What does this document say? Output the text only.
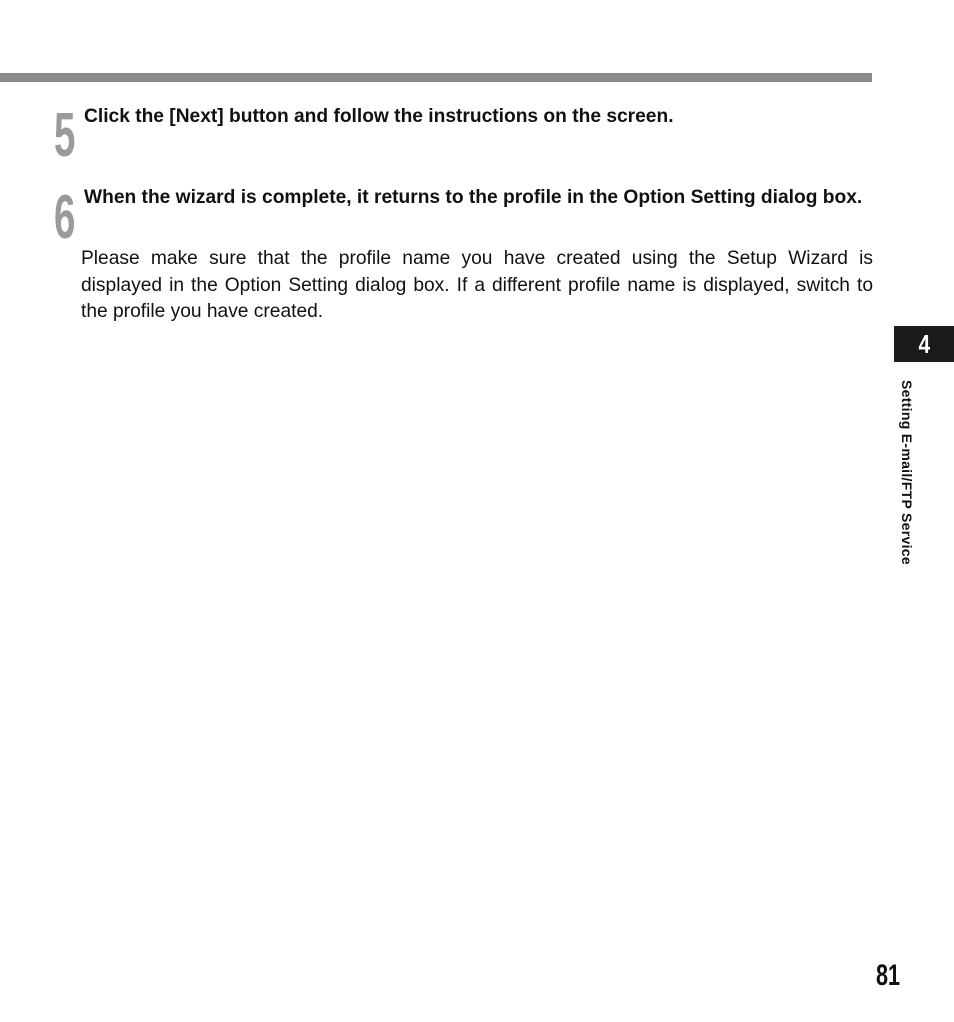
5 Click the [Next] button and follow the instructions on the screen.
6 When the wizard is complete, it returns to the profile in the Option Setting dialog box.
Please make sure that the profile name you have created using the Setup Wizard is displayed in the Option Setting dialog box. If a different profile name is displayed, switch to the profile you have created.
4
Setting E-mail/FTP Service
81
